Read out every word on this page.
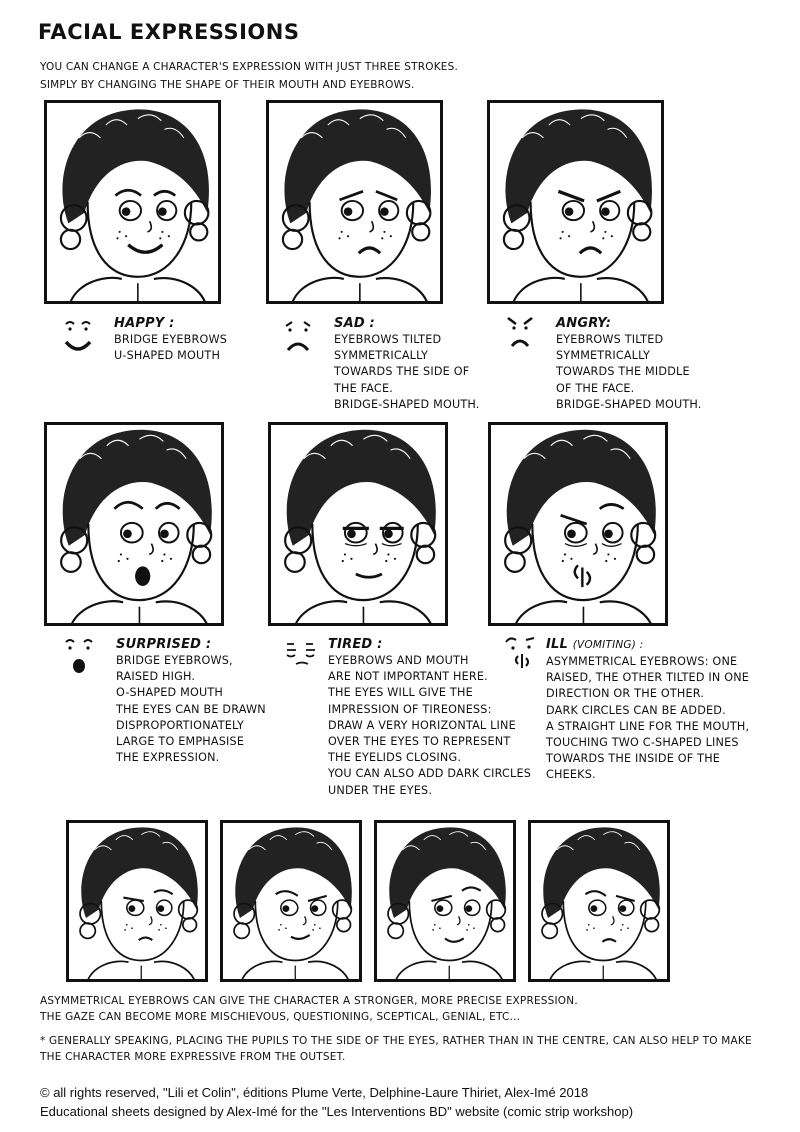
FACIAL EXPRESSIONS
YOU CAN CHANGE A CHARACTER'S EXPRESSION WITH JUST THREE STROKES.
SIMPLY BY CHANGING THE SHAPE OF THEIR MOUTH AND EYEBROWS.
HAPPY :
BRIDGE EYEBROWS
U-SHAPED MOUTH
SAD :
EYEBROWS TILTED
SYMMETRICALLY
TOWARDS THE SIDE OF
THE FACE.
BRIDGE-SHAPED MOUTH.
ANGRY:
EYEBROWS TILTED
SYMMETRICALLY
TOWARDS THE MIDDLE
OF THE FACE.
BRIDGE-SHAPED MOUTH.
SURPRISED :
BRIDGE EYEBROWS,
RAISED HIGH.
O-SHAPED MOUTH
THE EYES CAN BE DRAWN
DISPROPORTIONATELY
LARGE TO EMPHASISE
THE EXPRESSION.
TIRED :
EYEBROWS AND MOUTH
ARE NOT IMPORTANT HERE.
THE EYES WILL GIVE THE
IMPRESSION OF TIREONESS:
DRAW A VERY HORIZONTAL LINE
OVER THE EYES TO REPRESENT
THE EYELIDS CLOSING.
YOU CAN ALSO ADD DARK CIRCLES
UNDER THE EYES.
ILL (VOMITING) :
ASYMMETRICAL EYEBROWS: ONE
RAISED, THE OTHER TILTED IN ONE
DIRECTION OR THE OTHER.
DARK CIRCLES CAN BE ADDED.
A STRAIGHT LINE FOR THE MOUTH,
TOUCHING TWO C-SHAPED LINES
TOWARDS THE INSIDE OF THE
CHEEKS.
ASYMMETRICAL EYEBROWS CAN GIVE THE CHARACTER A STRONGER, MORE PRECISE EXPRESSION.
THE GAZE CAN BECOME MORE MISCHIEVOUS, QUESTIONING, SCEPTICAL, GENIAL, ETC...
* GENERALLY SPEAKING, PLACING THE PUPILS TO THE SIDE OF THE EYES, RATHER THAN IN THE CENTRE, CAN ALSO HELP TO MAKE
THE CHARACTER MORE EXPRESSIVE FROM THE OUTSET.
© all rights reserved, "Lili et Colin", éditions Plume Verte, Delphine-Laure Thiriet, Alex-Imé 2018
Educational sheets designed by Alex-Imé for the "Les Interventions BD" website (comic strip workshop)
